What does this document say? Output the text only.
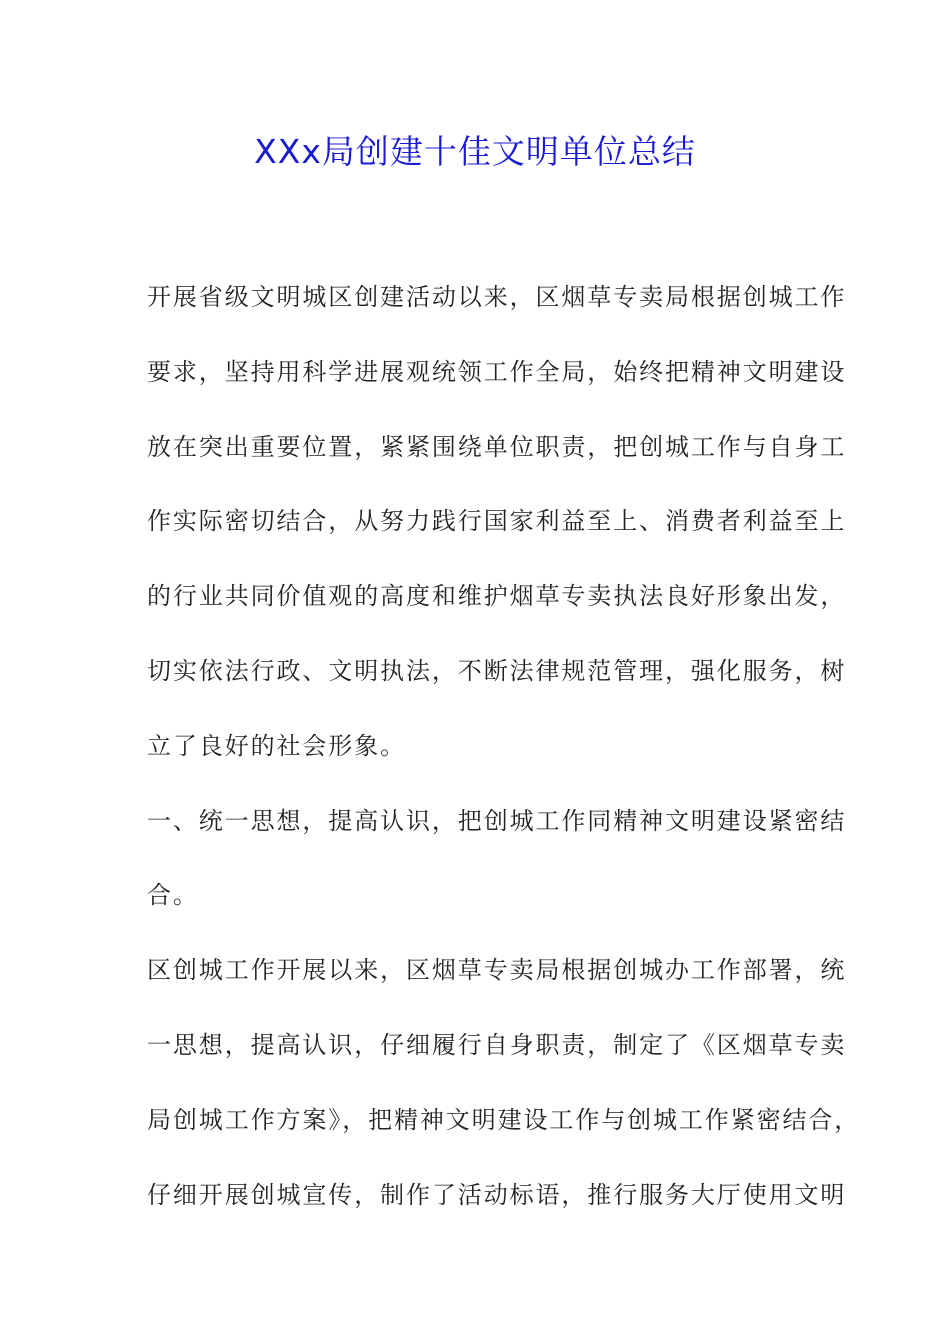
XXx局创建十佳文明单位总结
开展省级文明城区创建活动以来，区烟草专卖局根据创城工作
要求，坚持用科学进展观统领工作全局，始终把精神文明建设
放在突出重要位置，紧紧围绕单位职责，把创城工作与自身工
作实际密切结合，从努力践行国家利益至上、消费者利益至上
的行业共同价值观的高度和维护烟草专卖执法良好形象出发，
切实依法行政、文明执法，不断法律规范管理，强化服务，树
立了良好的社会形象。
一、统一思想，提高认识，把创城工作同精神文明建设紧密结
合。
区创城工作开展以来，区烟草专卖局根据创城办工作部署，统
一思想，提高认识，仔细履行自身职责，制定了《区烟草专卖
局创城工作方案》，把精神文明建设工作与创城工作紧密结合，
仔细开展创城宣传，制作了活动标语，推行服务大厅使用文明
